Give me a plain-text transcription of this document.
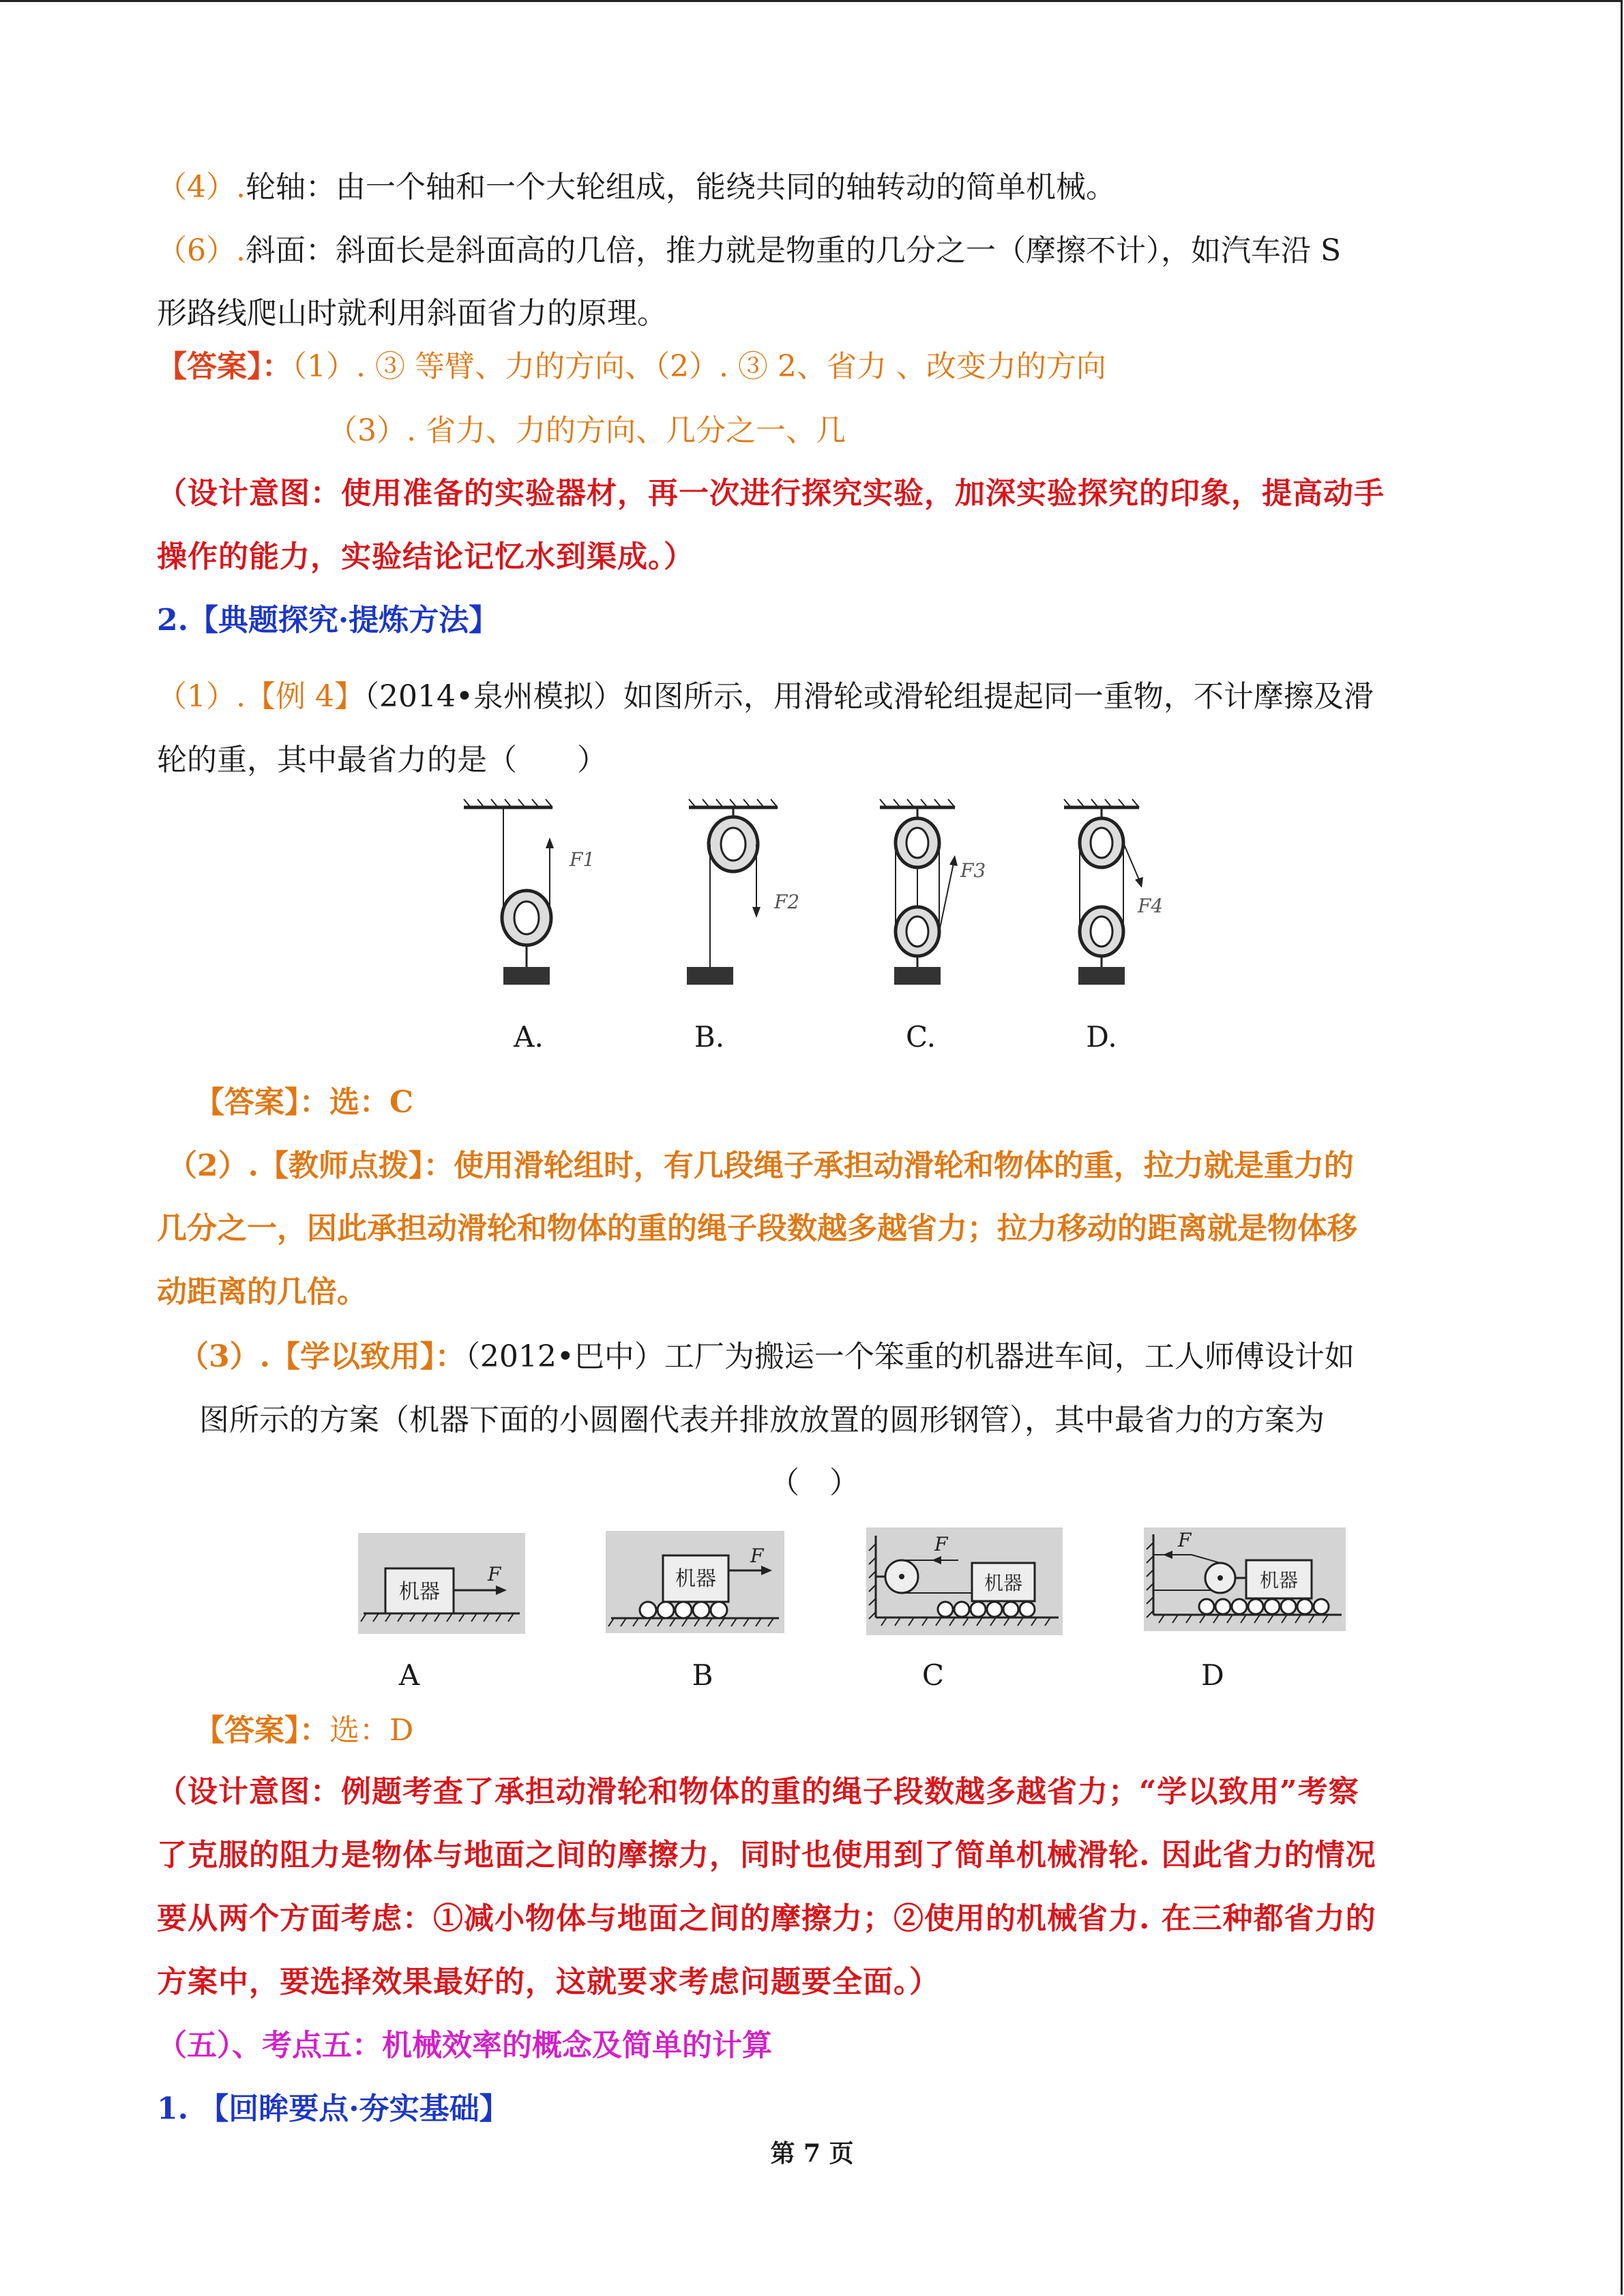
（4）.轮轴：由一个轴和一个大轮组成，能绕共同的轴转动的简单机械。
（6）.斜面：斜面长是斜面高的几倍，推力就是物重的几分之一（摩擦不计），如汽车沿 S
形路线爬山时就利用斜面省力的原理。
【答案】：（1）. ③ 等臂、力的方向、（2）. ③ 2、省力 、改变力的方向
（3）. 省力、力的方向、几分之一、几
（设计意图：使用准备的实验器材，再一次进行探究实验，加深实验探究的印象，提高动手
操作的能力，实验结论记忆水到渠成。）
2.【典题探究·提炼方法】
（1）.【例 4】（2014•泉州模拟）如图所示，用滑轮或滑轮组提起同一重物，不计摩擦及滑
轮的重，其中最省力的是（　　）
F1
F2
F3
F4
A.	B.	C.	D.
【答案】：选：C
（2）.【教师点拨】：使用滑轮组时，有几段绳子承担动滑轮和物体的重，拉力就是重力的
几分之一，因此承担动滑轮和物体的重的绳子段数越多越省力；拉力移动的距离就是物体移
动距离的几倍。
（3）.【学以致用】：（2012•巴中）工厂为搬运一个笨重的机器进车间，工人师傅设计如
图所示的方案（机器下面的小圆圈代表并排放放置的圆形钢管），其中最省力的方案为
（　）
机器
F	机器
F
F
机器
F
机器
A	B	C	D
【答案】：选：D
（设计意图：例题考查了承担动滑轮和物体的重的绳子段数越多越省力；“学以致用”考察
了克服的阻力是物体与地面之间的摩擦力，同时也使用到了简单机械滑轮. 因此省力的情况
要从两个方面考虑：①减小物体与地面之间的摩擦力；②使用的机械省力. 在三种都省力的
方案中，要选择效果最好的，这就要求考虑问题要全面。）
（五）、考点五：机械效率的概念及简单的计算
1. 【回眸要点·夯实基础】
第 7 页
